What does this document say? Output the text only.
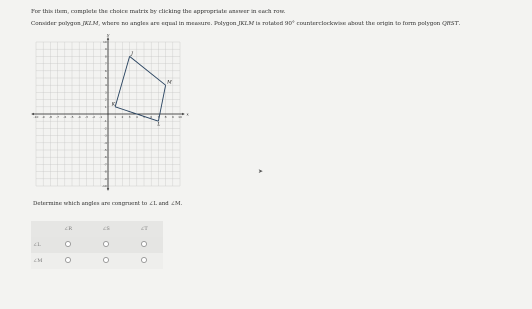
For this item, complete the choice matrix by clicking the appropriate answer in each row.
Consider polygon JKLM, where no angles are equal in measure. Polygon JKLM is rotated 90° counterclockwise about the origin to form polygon QRST.
x
y
-10 -9 -8 -7 -6 -5 -4 -3 -2 -1	1 2 3 4 5 6 7 8 9 10
10
9
8
7
6
5
4
3
2
1
-1
-2
-3
-4
-5
-6
-7
-8
-9
-10
J
M
L
K
Determine which angles are congruent to ∠L and ∠M.
➤
	∠R	∠S	∠T
∠L			
∠M			
